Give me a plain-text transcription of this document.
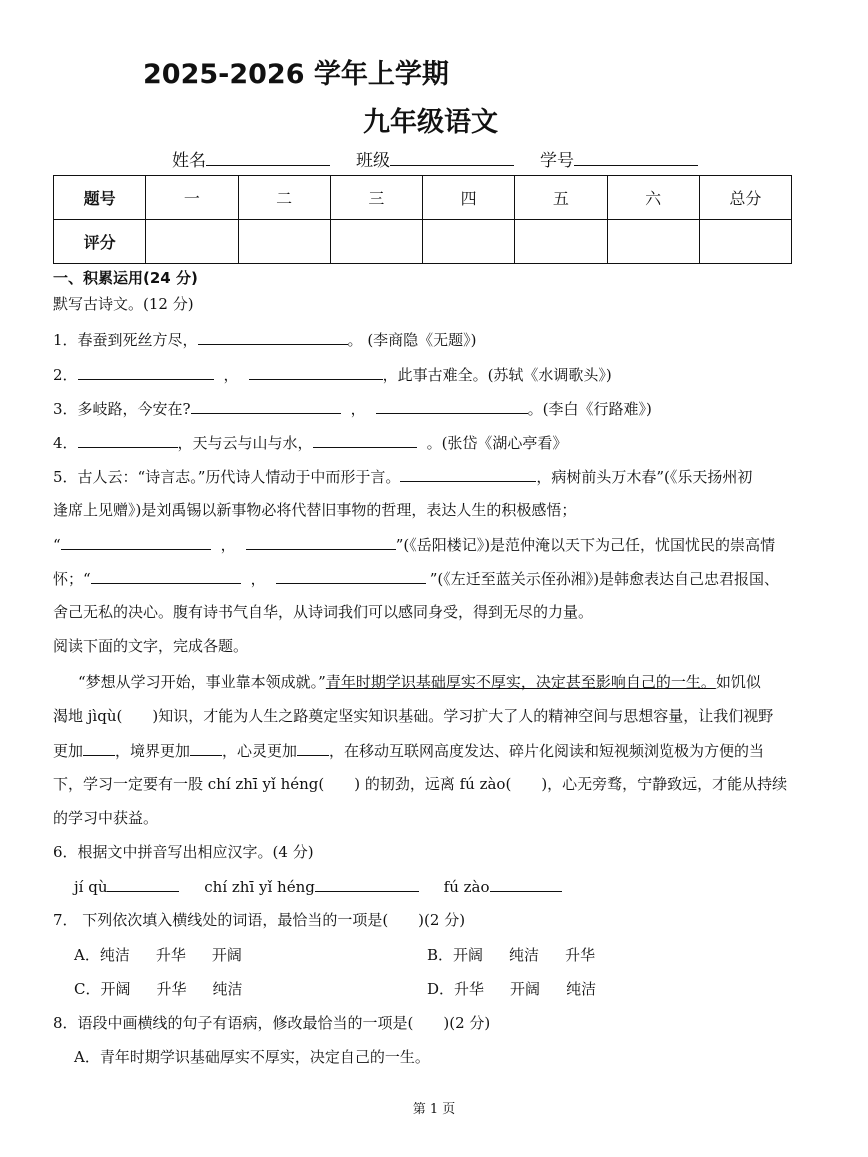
2025-2026 学年上学期
九年级语文
姓名	班级	学号
题号	一	二	三	四	五	六	总分
评分							
一、积累运用(24 分)
默写古诗文。(12 分)
1．春蚕到死丝方尽，	。 (李商隐《无题》)
2．	，	，此事古难全。(苏轼《水调歌头》)
3．多岐路，今安在?	，	。(李白《行路难》)
4．	，天与云与山与水，	。(张岱《湖心亭看》
5．古人云：“诗言志。”历代诗人情动于中而形于言。	，病树前头万木春”(《乐天扬州初
逢席上见赠》)是刘禹锡以新事物必将代替旧事物的哲理，表达人生的积极感悟；
“	，	”(《岳阳楼记》)是范仲淹以天下为己任，忧国忧民的崇高情
怀；“	，	”(《左迁至蓝关示侄孙湘》)是韩愈表达自己忠君报国、
舍己无私的决心。腹有诗书气自华，从诗词我们可以感同身受，得到无尽的力量。
阅读下面的文字，完成各题。
“梦想从学习开始，事业靠本领成就。”青年时期学识基础厚实不厚实，决定甚至影响自己的一生。如饥似
渴地 jìqù( )知识，才能为人生之路奠定坚实知识基础。学习扩大了人的精神空间与思想容量，让我们视野
更加 ，境界更加 ，心灵更加 ，在移动互联网高度发达、碎片化阅读和短视频浏览极为方便的当
下，学习一定要有一股 chí zhī yǐ héng( ) 的韧劲，远离 fú zào( )，心无旁骛，宁静致远，才能从持续
的学习中获益。
6．根据文中拼音写出相应汉字。(4 分)
jí qù	chí zhī yǐ héng	fú zào
7． 下列依次填入横线处的词语，最恰当的一项是( )(2 分)
A．纯洁 升华 开阔	B．开阔 纯洁 升华
C．开阔 升华 纯洁	D．升华 开阔 纯洁
8．语段中画横线的句子有语病，修改最恰当的一项是( )(2 分)
A．青年时期学识基础厚实不厚实，决定自己的一生。
第 1 页
